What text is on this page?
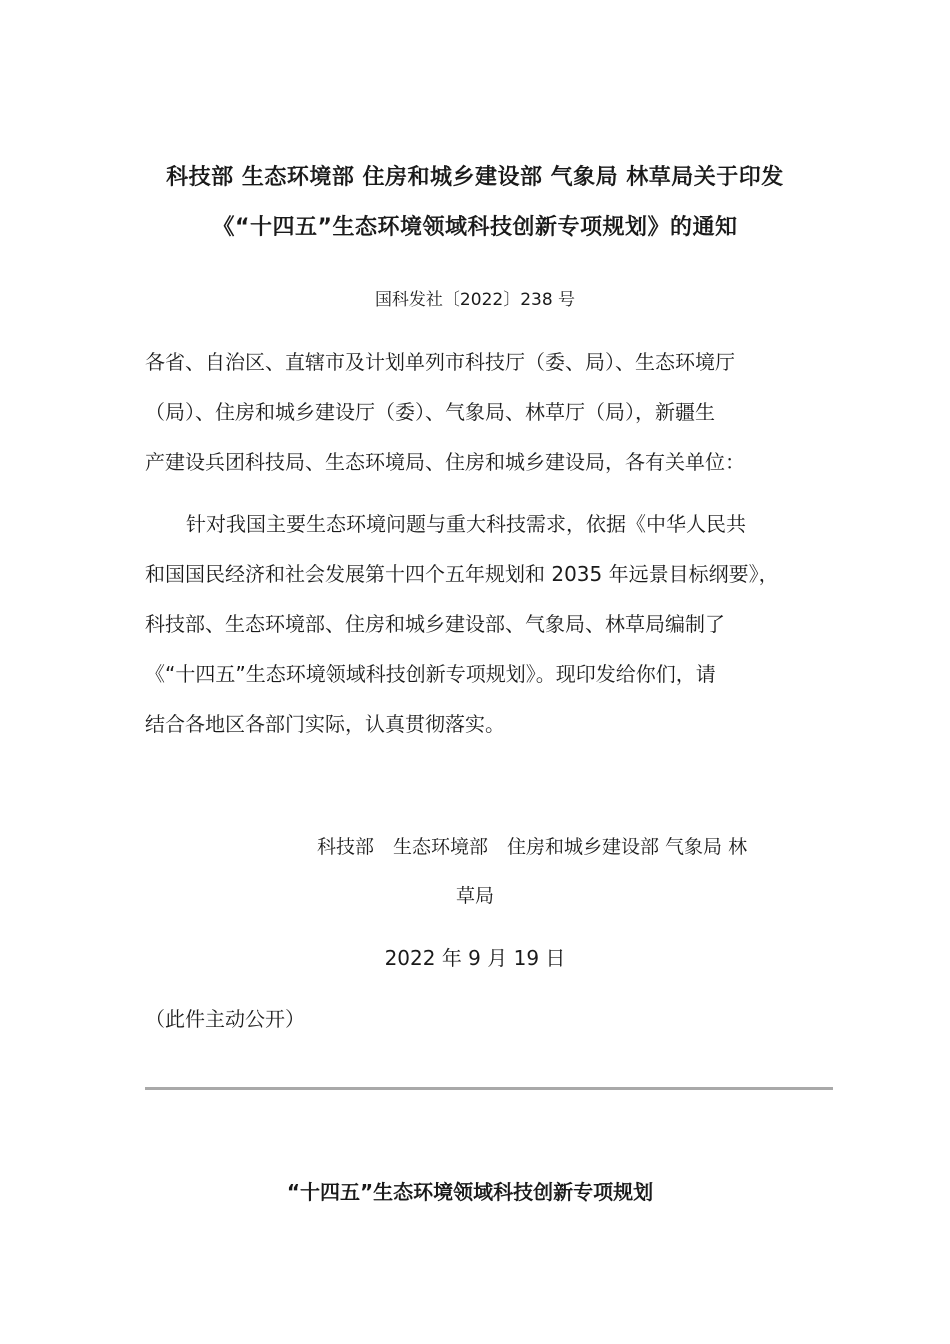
科技部 生态环境部 住房和城乡建设部 气象局 林草局关于印发
《“十四五”生态环境领域科技创新专项规划》的通知
国科发社〔2022〕238 号
各省、自治区、直辖市及计划单列市科技厅（委、局）、生态环境厅
（局）、住房和城乡建设厅（委）、气象局、林草厅（局），新疆生
产建设兵团科技局、生态环境局、住房和城乡建设局，各有关单位：
针对我国主要生态环境问题与重大科技需求，依据《中华人民共
和国国民经济和社会发展第十四个五年规划和 2035 年远景目标纲要》，
科技部、生态环境部、住房和城乡建设部、气象局、林草局编制了
《“十四五”生态环境领域科技创新专项规划》。现印发给你们，请
结合各地区各部门实际，认真贯彻落实。
科技部　生态环境部　住房和城乡建设部 气象局 林
草局
2022 年 9 月 19 日
（此件主动公开）
“十四五”生态环境领域科技创新专项规划
